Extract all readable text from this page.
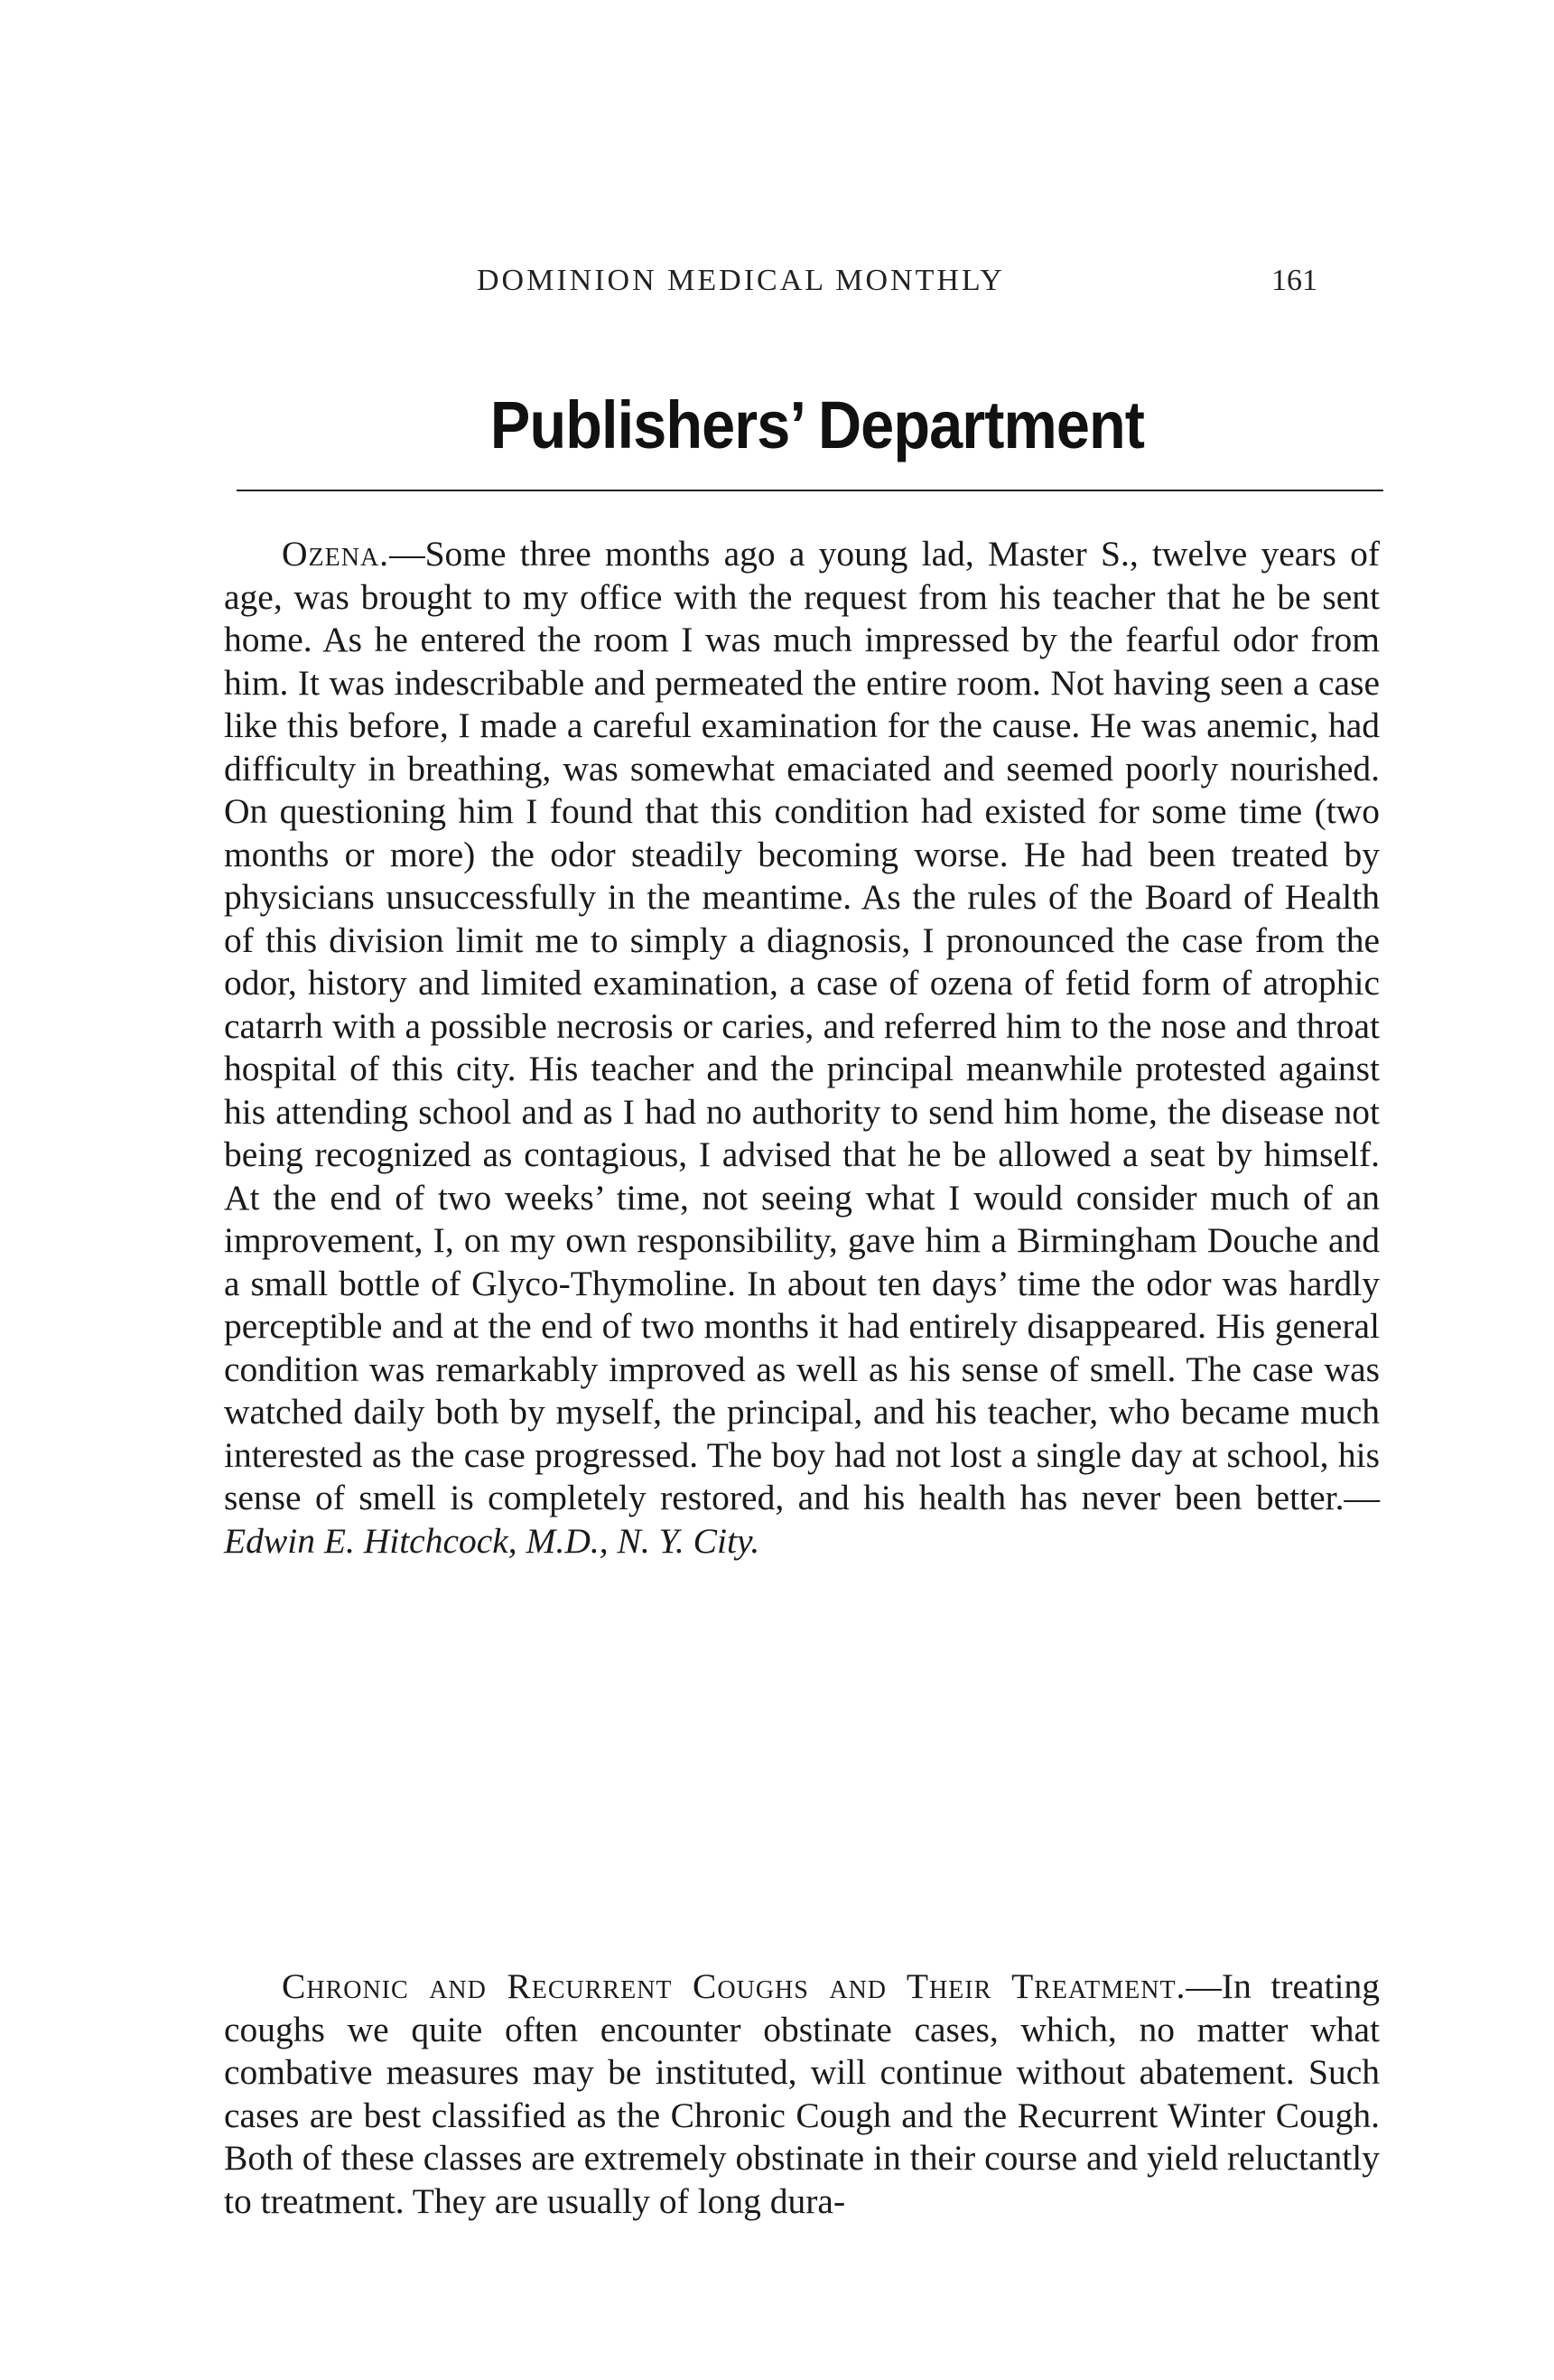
DOMINION MEDICAL MONTHLY	161
Publishers’ Department

Ozena.—Some three months ago a young lad, Master S., twelve years of age, was brought to my office with the request from his teacher that he be sent home. As he entered the room I was much impressed by the fearful odor from him. It was indescribable and permeated the entire room. Not having seen a case like this before, I made a careful examination for the cause. He was anemic, had difficulty in breathing, was somewhat emaciated and seemed poorly nourished. On questioning him I found that this condition had existed for some time (two months or more) the odor steadily becoming worse. He had been treated by physicians unsuccessfully in the meantime. As the rules of the Board of Health of this division limit me to simply a diagnosis, I pronounced the case from the odor, history and limited examination, a case of ozena of fetid form of atrophic catarrh with a possible necrosis or caries, and referred him to the nose and throat hospital of this city. His teacher and the principal meanwhile protested against his attending school and as I had no authority to send him home, the disease not being recognized as contagious, I advised that he be allowed a seat by himself. At the end of two weeks’ time, not seeing what I would consider much of an improvement, I, on my own responsibility, gave him a Birmingham Douche and a small bottle of Glyco-Thymoline. In about ten days’ time the odor was hardly perceptible and at the end of two months it had entirely disappeared. His general condition was remarkably improved as well as his sense of smell. The case was watched daily both by myself, the principal, and his teacher, who became much interested as the case progressed. The boy had not lost a single day at school, his sense of smell is completely restored, and his health has never been better.—Edwin E. Hitchcock, M.D., N. Y. City.

Chronic and Recurrent Coughs and Their Treatment.—In treating coughs we quite often encounter obstinate cases, which, no matter what combative measures may be instituted, will continue without abatement. Such cases are best classified as the Chronic Cough and the Recurrent Winter Cough. Both of these classes are extremely obstinate in their course and yield reluctantly to treatment. They are usually of long dura-
